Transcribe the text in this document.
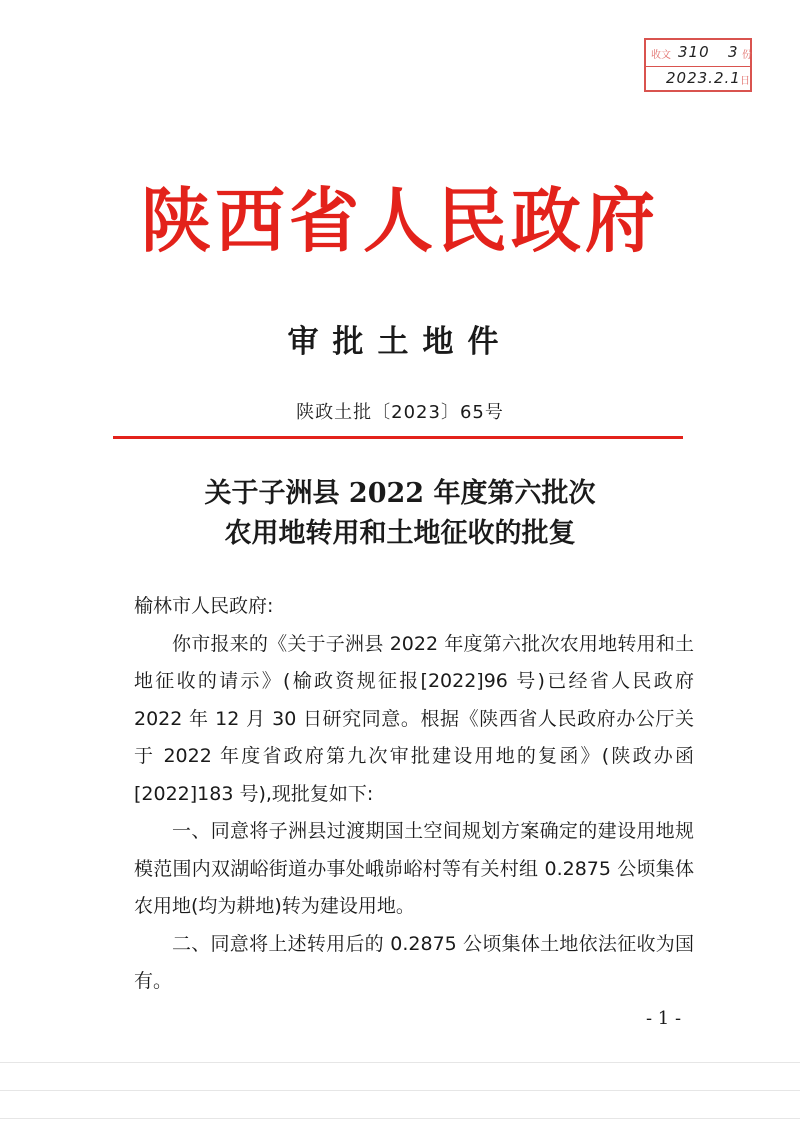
收文 310 3 份
2023.2.1 日
陕西省人民政府
审批土地件
陕政土批〔2023〕65号
关于子洲县 2022 年度第六批次
农用地转用和土地征收的批复

榆林市人民政府:

你市报来的《关于子洲县 2022 年度第六批次农用地转用和土地征收的请示》(榆政资规征报[2022]96 号)已经省人民政府 2022 年 12 月 30 日研究同意。根据《陕西省人民政府办公厅关于 2022 年度省政府第九次审批建设用地的复函》(陕政办函[2022]183 号),现批复如下:

一、同意将子洲县过渡期国土空间规划方案确定的建设用地规模范围内双湖峪街道办事处峨峁峪村等有关村组 0.2875 公顷集体农用地(均为耕地)转为建设用地。

二、同意将上述转用后的 0.2875 公顷集体土地依法征收为国有。

- 1 -
